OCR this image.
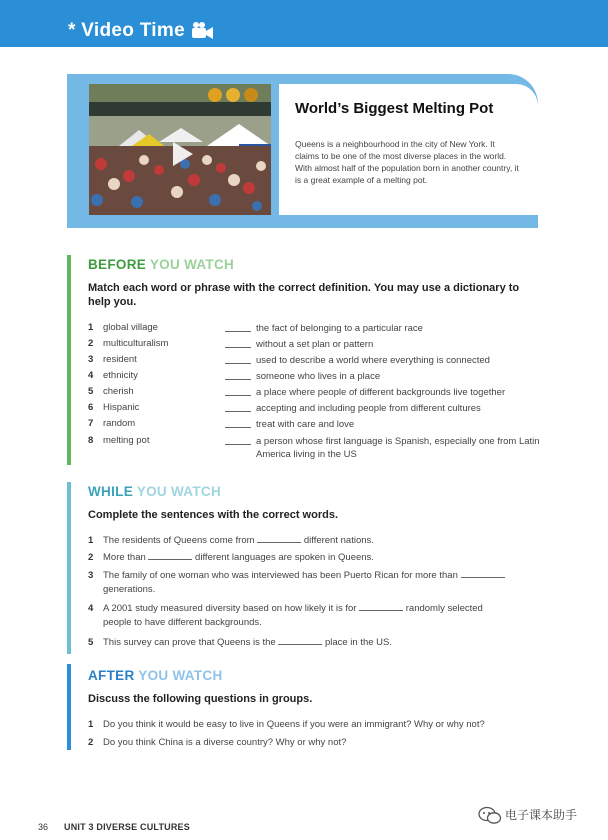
* Video Time
World’s Biggest Melting Pot
Queens is a neighbourhood in the city of New York. It claims to be one of the most diverse places in the world. With almost half of the population born in another country, it is a great example of a melting pot.
BEFORE YOU WATCH
Match each word or phrase with the correct definition. You may use a dictionary to help you.
1 global village	the fact of belonging to a particular race
2 multiculturalism	without a set plan or pattern
3 resident	used to describe a world where everything is connected
4 ethnicity	someone who lives in a place
5 cherish	a place where people of different backgrounds live together
6 Hispanic	accepting and including people from different cultures
7 random	treat with care and love
8 melting pot	a person whose first language is Spanish, especially one from Latin America living in the US
WHILE YOU WATCH
Complete the sentences with the correct words.
1 The residents of Queens come from	different nations.
2 More than	different languages are spoken in Queens.
3 The family of one woman who was interviewed has been Puerto Rican for more than  generations.
4 A 2001 study measured diversity based on how likely it is for	randomly selected people to have different backgrounds.
5 This survey can prove that Queens is the	place in the US.
AFTER YOU WATCH
Discuss the following questions in groups.
1 Do you think it would be easy to live in Queens if you were an immigrant? Why or why not?
2 Do you think China is a diverse country? Why or why not?
36 UNIT 3 DIVERSE CULTURES
电子课本助手
